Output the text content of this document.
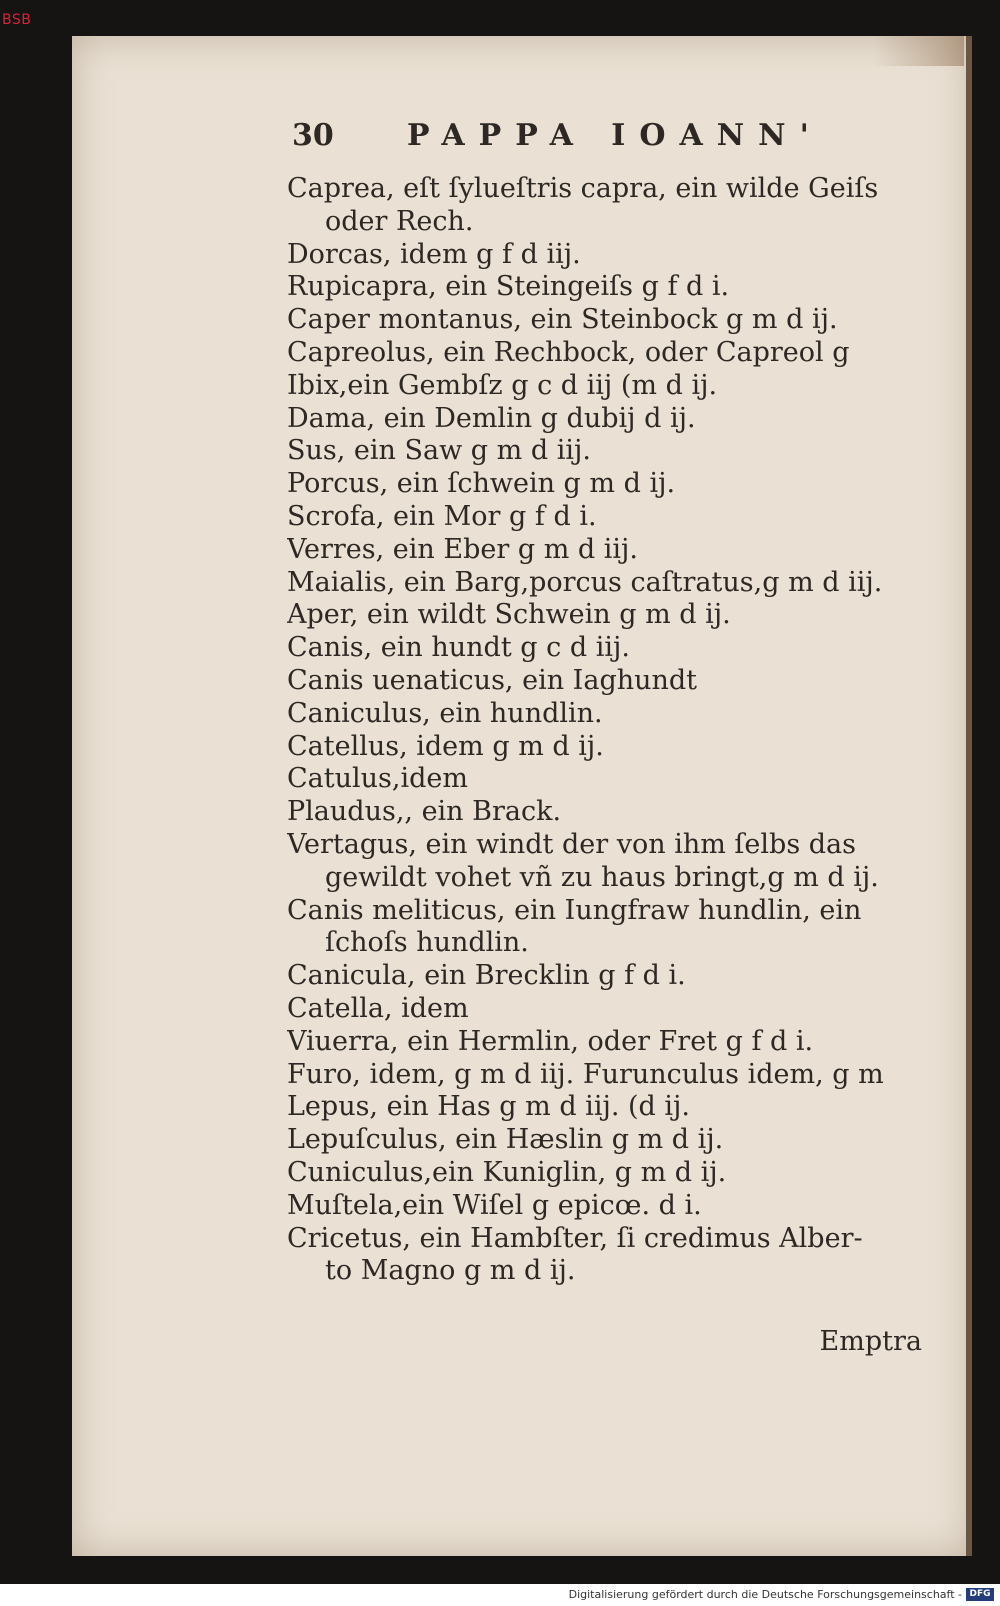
BSB
30 PAPPA IOANN'
Caprea, eſt ſylueſtris capra, ein wilde Geiſs
oder Rech.
Dorcas, idem g f d iij.
Rupicapra, ein Steingeiſs g f d i.
Caper montanus, ein Steinbock g m d ij.
Capreolus, ein Rechbock, oder Capreol g
Ibix,ein Gembſz g c d iij (m d ij.
Dama, ein Demlin g dubij d ij.
Sus, ein Saw g m d iij.
Porcus, ein ſchwein g m d ij.
Scrofa, ein Mor g f d i.
Verres, ein Eber g m d iij.
Maialis, ein Barg,porcus caſtratus,g m d iij.
Aper, ein wildt Schwein g m d ij.
Canis, ein hundt g c d iij.
Canis uenaticus, ein Iaghundt
Caniculus, ein hundlin.
Catellus, idem g m d ij.
Catulus,idem
Plaudus,, ein Brack.
Vertagus, ein windt der von ihm ſelbs das
gewildt vohet vñ zu haus bringt,g m d ij.
Canis meliticus, ein Iungfraw hundlin, ein
ſchoſs hundlin.
Canicula, ein Brecklin g f d i.
Catella, idem
Viuerra, ein Hermlin, oder Fret g f d i.
Furo, idem, g m d iij. Furunculus idem, g m
Lepus, ein Has g m d iij. (d ij.
Lepuſculus, ein Hæslin g m d ij.
Cuniculus,ein Kuniglin, g m d ij.
Muſtela,ein Wiſel g epicœ. d i.
Cricetus, ein Hambſter, ſi credimus Alber-
to Magno g m d ij.
Emptra
Digitalisierung gefördert durch die Deutsche Forschungsgemeinschaft - DFG
